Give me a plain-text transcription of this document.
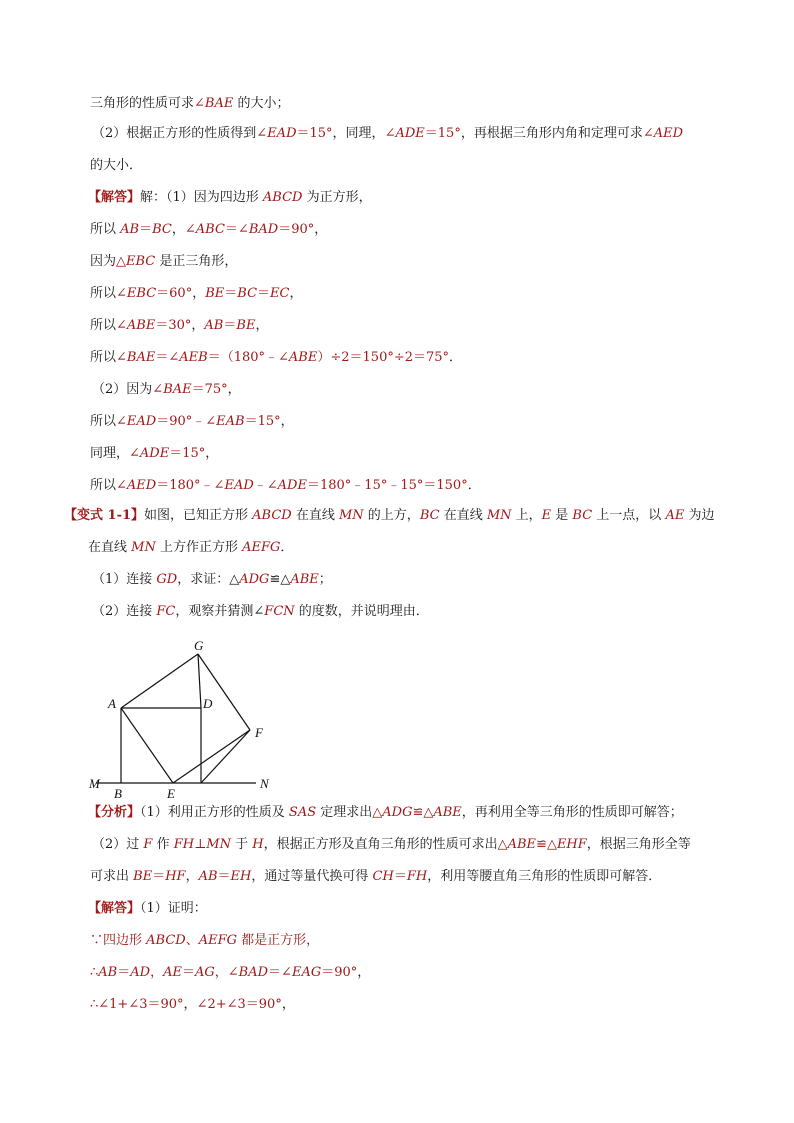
三角形的性质可求∠BAE 的大小；
（2）根据正方形的性质得到∠EAD＝15°，同理，∠ADE＝15°，再根据三角形内角和定理可求∠AED
的大小．
【解答】解：（1）因为四边形 ABCD 为正方形，
所以 AB＝BC，∠ABC＝∠BAD＝90°，
因为△EBC 是正三角形，
所以∠EBC＝60°，BE＝BC＝EC，
所以∠ABE＝30°，AB＝BE，
所以∠BAE＝∠AEB＝（180°﹣∠ABE）÷2＝150°÷2＝75°．
（2）因为∠BAE＝75°，
所以∠EAD＝90°﹣∠EAB＝15°，
同理，∠ADE＝15°，
所以∠AED＝180°﹣∠EAD﹣∠ADE＝180°﹣15°﹣15°＝150°．
【变式 1-1】如图，已知正方形 ABCD 在直线 MN 的上方，BC 在直线 MN 上，E 是 BC 上一点，以 AE 为边
在直线 MN 上方作正方形 AEFG．
（1）连接 GD，求证：△ADG≌△ABE；
（2）连接 FC，观察并猜测∠FCN 的度数，并说明理由．
【分析】（1）利用正方形的性质及 SAS 定理求出△ADG≌△ABE，再利用全等三角形的性质即可解答；
（2）过 F 作 FH⊥MN 于 H，根据正方形及直角三角形的性质可求出△ABE≌△EHF，根据三角形全等
可求出 BE＝HF，AB＝EH，通过等量代换可得 CH＝FH，利用等腰直角三角形的性质即可解答．
【解答】（1）证明：
∵四边形 ABCD、AEFG 都是正方形，
∴AB＝AD，AE＝AG，∠BAD＝∠EAG＝90°，
∴∠1+∠3＝90°，∠2+∠3＝90°，
G
A	D
F
M
B	E
N
